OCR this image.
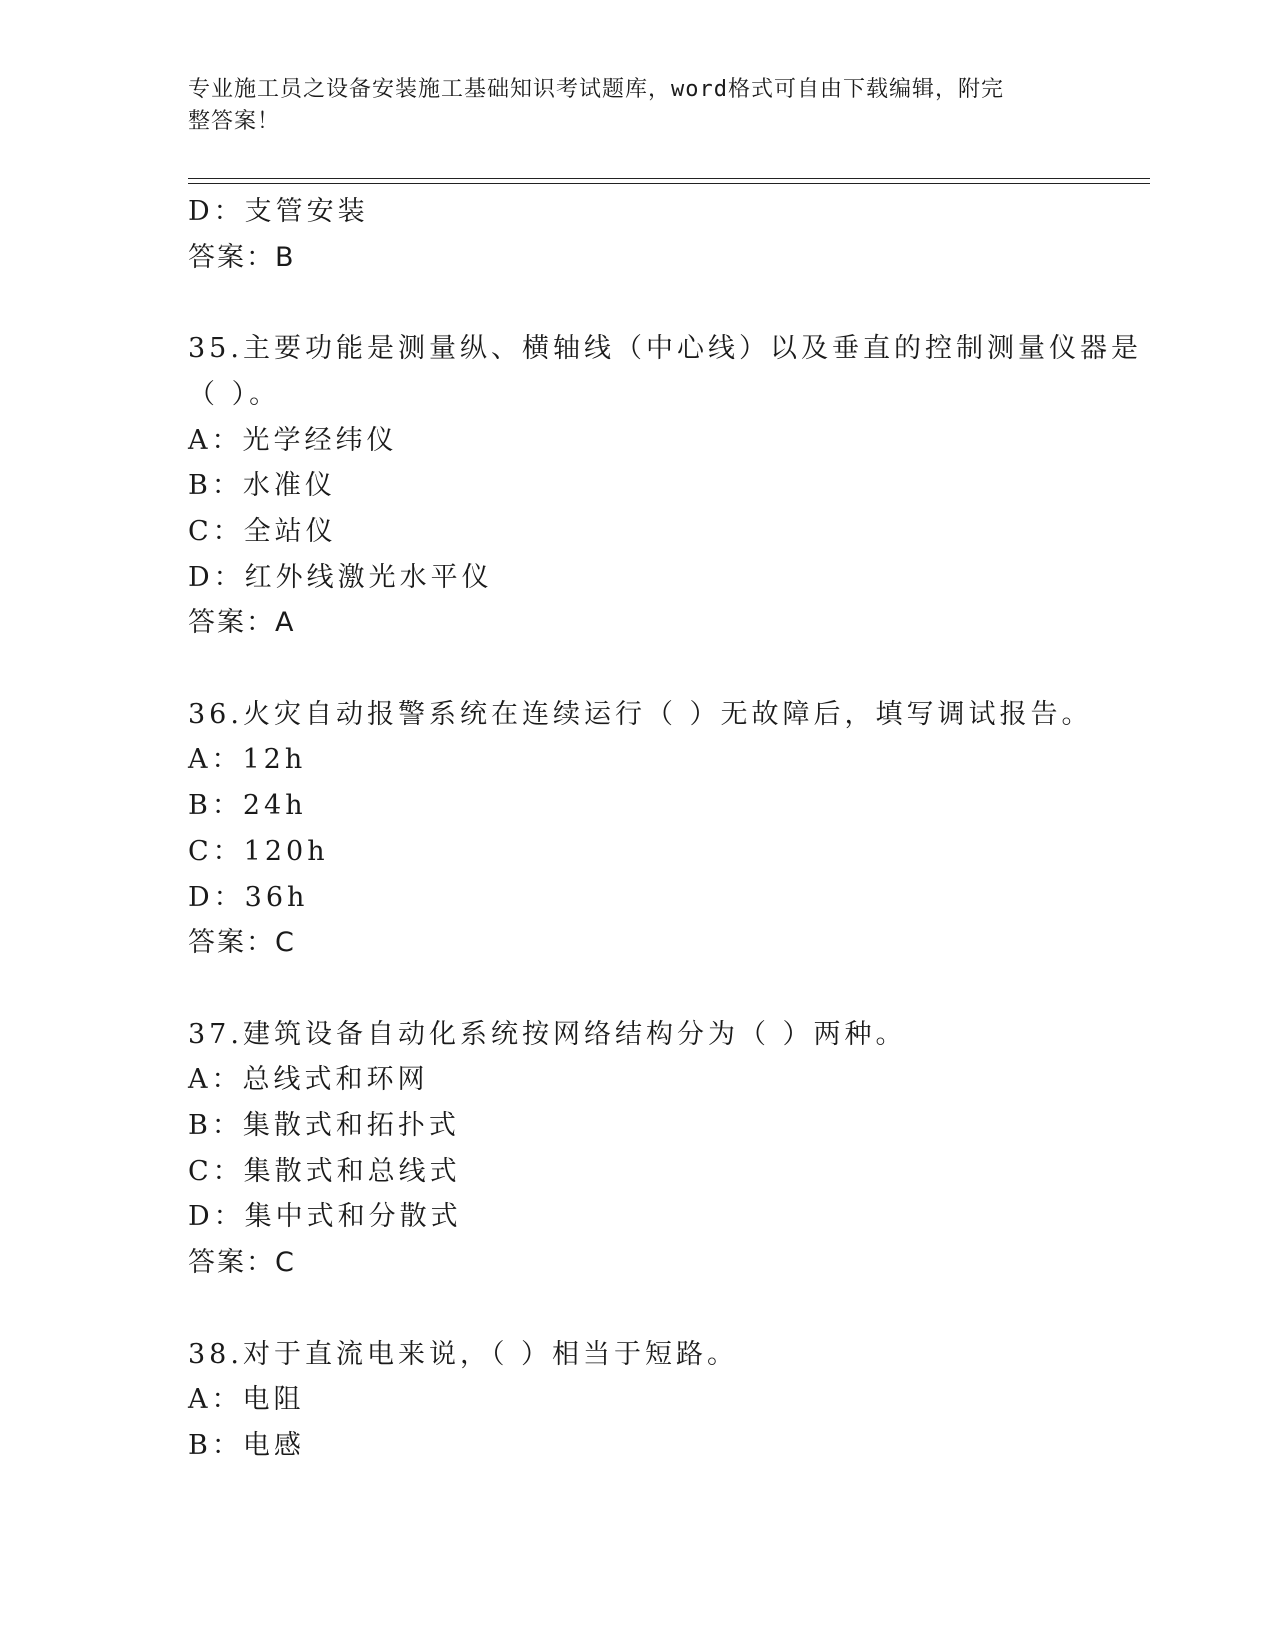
专业施工员之设备安装施工基础知识考试题库，word格式可自由下载编辑，附完
整答案！
D：支管安装
答案：B
35.主要功能是测量纵、横轴线（中心线）以及垂直的控制测量仪器是
（ ）。
A：光学经纬仪
B：水准仪
C：全站仪
D：红外线激光水平仪
答案：A
36.火灾自动报警系统在连续运行（ ）无故障后，填写调试报告。
A：12h
B：24h
C：120h
D：36h
答案：C
37.建筑设备自动化系统按网络结构分为（ ）两种。
A：总线式和环网
B：集散式和拓扑式
C：集散式和总线式
D：集中式和分散式
答案：C
38.对于直流电来说，（ ）相当于短路。
A：电阻
B：电感
